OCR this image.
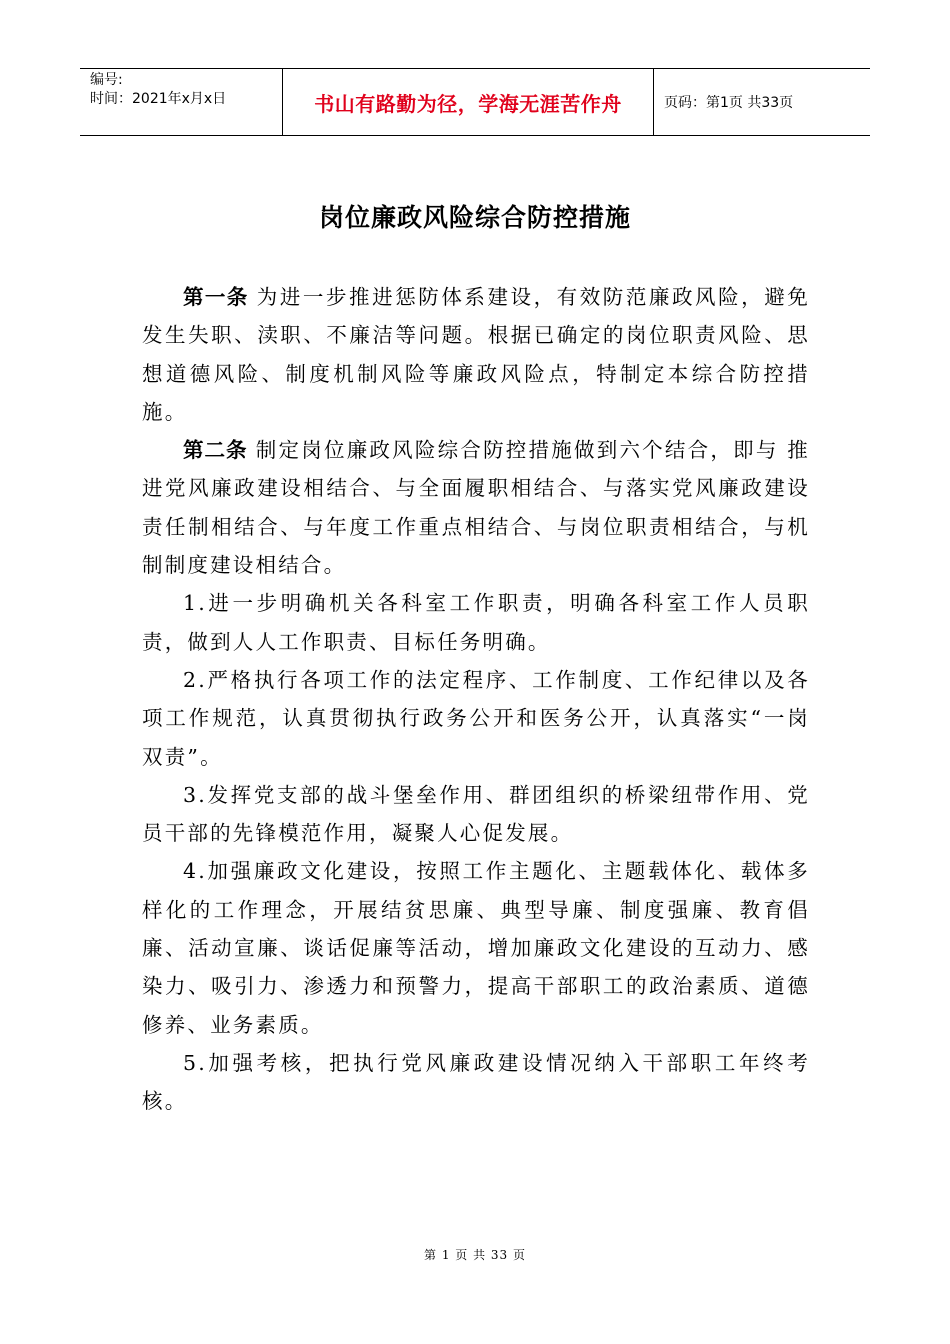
编号:
时间：2021年x月x日	书山有路勤为径，学海无涯苦作舟	页码：第1页 共33页
岗位廉政风险综合防控措施

第一条 为进一步推进惩防体系建设，有效防范廉政风险，避免发生失职、渎职、不廉洁等问题。根据已确定的岗位职责风险、思想道德风险、制度机制风险等廉政风险点，特制定本综合防控措施。

第二条 制定岗位廉政风险综合防控措施做到六个结合，即与 推进党风廉政建设相结合、与全面履职相结合、与落实党风廉政建设责任制相结合、与年度工作重点相结合、与岗位职责相结合，与机制制度建设相结合。

1.进一步明确机关各科室工作职责，明确各科室工作人员职责，做到人人工作职责、目标任务明确。

2.严格执行各项工作的法定程序、工作制度、工作纪律以及各项工作规范，认真贯彻执行政务公开和医务公开，认真落实“一岗双责”。

3.发挥党支部的战斗堡垒作用、群团组织的桥梁纽带作用、党员干部的先锋模范作用，凝聚人心促发展。

4.加强廉政文化建设，按照工作主题化、主题载体化、载体多样化的工作理念，开展结贫思廉、典型导廉、制度强廉、教育倡廉、活动宣廉、谈话促廉等活动，增加廉政文化建设的互动力、感染力、吸引力、渗透力和预警力，提高干部职工的政治素质、道德修养、业务素质。

5.加强考核，把执行党风廉政建设情况纳入干部职工年终考核。

第 1 页 共 33 页
